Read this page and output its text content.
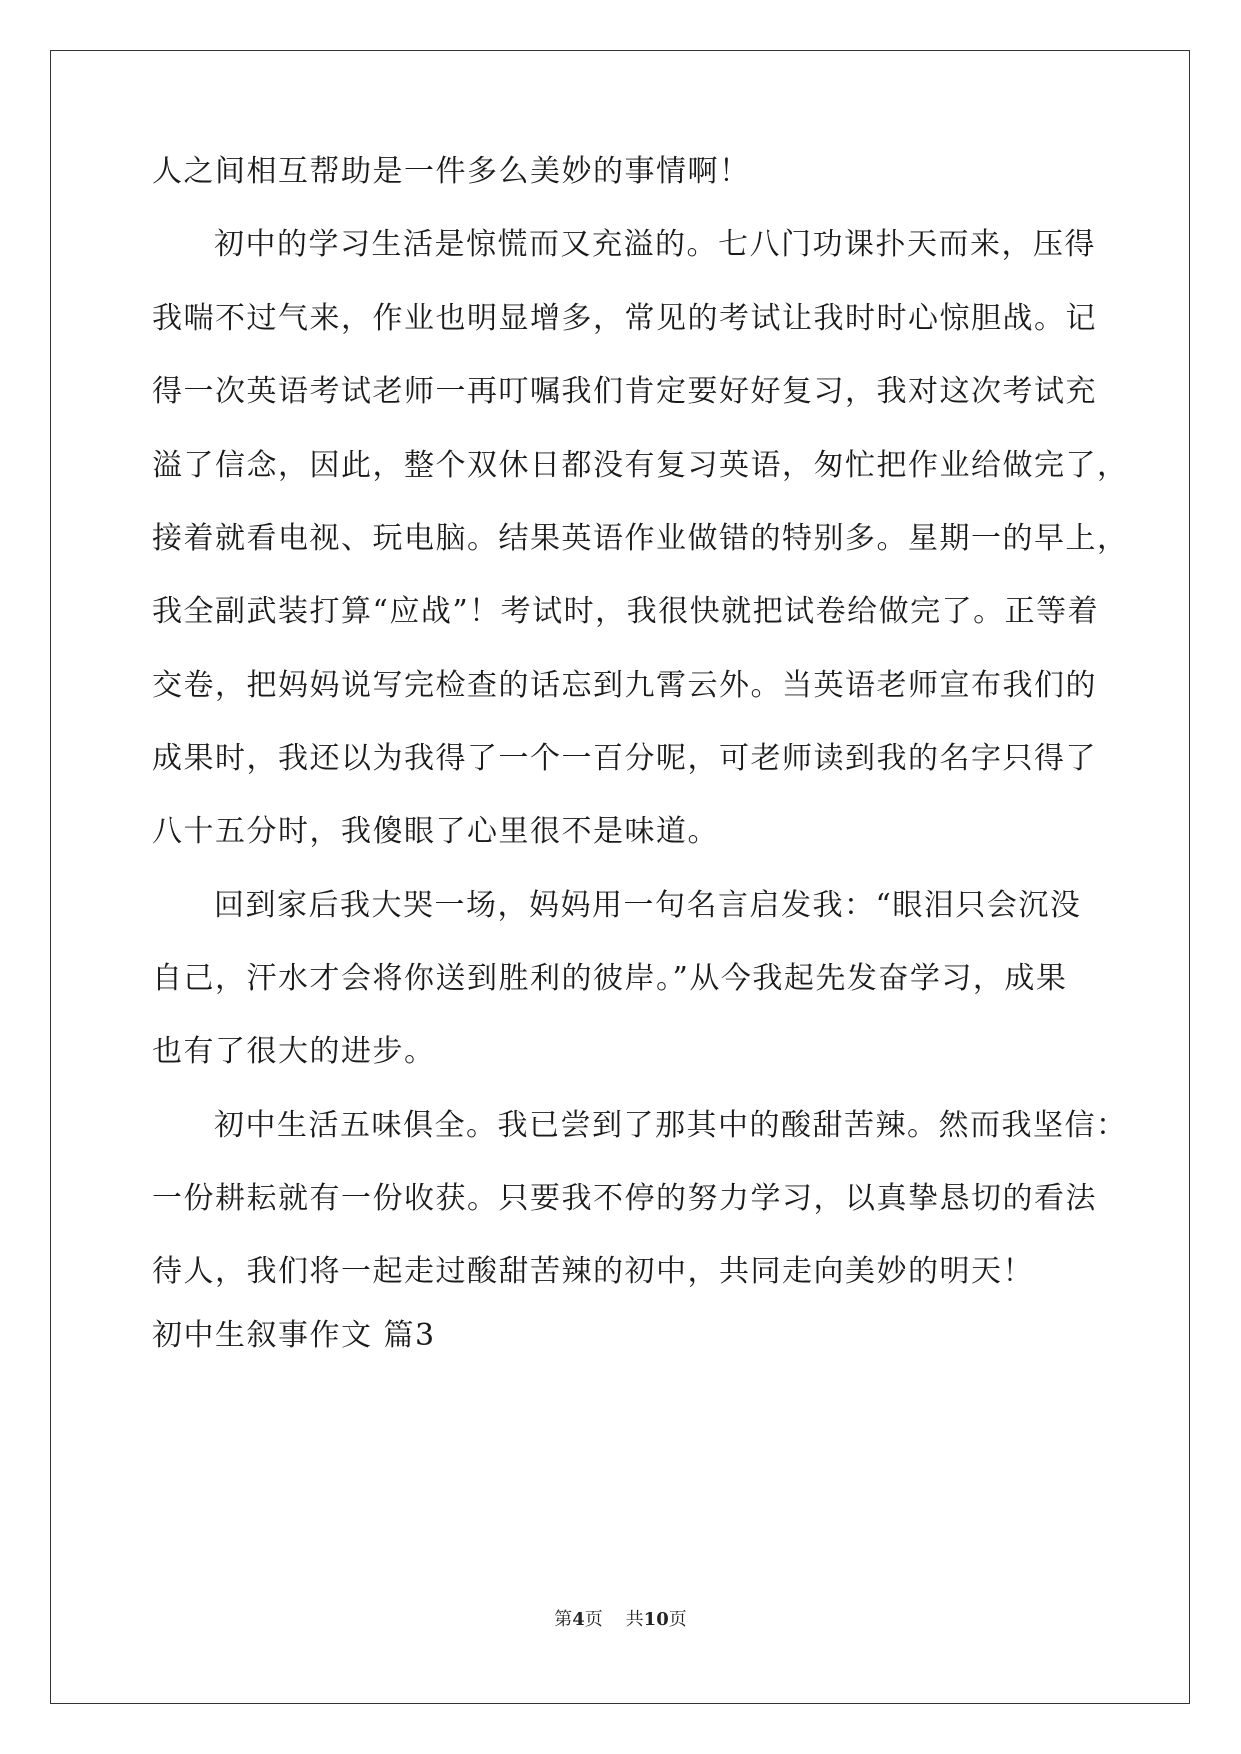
人之间相互帮助是一件多么美妙的事情啊！
初中的学习生活是惊慌而又充溢的。七八门功课扑天而来，压得
我喘不过气来，作业也明显增多，常见的考试让我时时心惊胆战。记
得一次英语考试老师一再叮嘱我们肯定要好好复习，我对这次考试充
溢了信念，因此，整个双休日都没有复习英语，匆忙把作业给做完了，
接着就看电视、玩电脑。结果英语作业做错的特别多。星期一的早上，
我全副武装打算“应战”！考试时，我很快就把试卷给做完了。正等着
交卷，把妈妈说写完检查的话忘到九霄云外。当英语老师宣布我们的
成果时，我还以为我得了一个一百分呢，可老师读到我的名字只得了
八十五分时，我傻眼了心里很不是味道。
回到家后我大哭一场，妈妈用一句名言启发我：“眼泪只会沉没
自己，汗水才会将你送到胜利的彼岸。”从今我起先发奋学习，成果
也有了很大的进步。
初中生活五味俱全。我已尝到了那其中的酸甜苦辣。然而我坚信：
一份耕耘就有一份收获。只要我不停的努力学习，以真挚恳切的看法
待人，我们将一起走过酸甜苦辣的初中，共同走向美妙的明天！
初中生叙事作文 篇3
第4页 共10页
